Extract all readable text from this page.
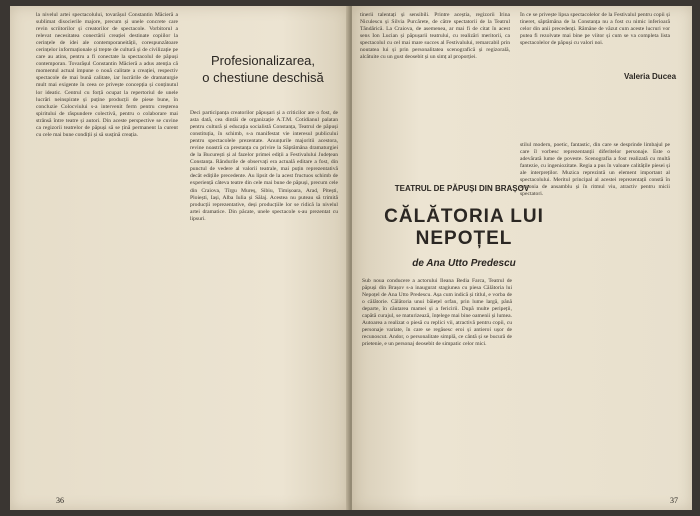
la nivelul artei spectacolului, tovarășul Constantin Măcieră a sublimat disocierile majore, precum și unele concrete care revin scriitorilor și creatorilor de spectacole. Vorbitorul a relevat necesitatea conectării creației destinate copiilor la cerințele de idei ale contemporaneității, corespunzătoare cerințelor informaționale și trepte de cultură și de civilizație pe care au atins, pentru a fi conectate la spectacolul de păpuși contemporan. Tovarășul Constantin Măcieră a adus atenția că momentul actual impune o nouă calitate a creației, respectiv spectacole de mai bună calitate, iar lucrările de dramaturgie mult mai exigente în ceea ce privește concepția și conținutul lor ideatic. Centrul cu forță ocupat la repertoriul de unele lucrări neinspirate și puține producții de piese bune, în concluzie Colocviului s-a intervenit ferm pentru creșterea spiritului de răspundere colectivă, pentru o colaborare mai strânsă între teatre și autori. Din aceste perspective se cuvine ca regizorii teatrelor de păpuși să se țină permanent la curent cu cele mai bune condiții și să susțină creația.
Profesionalizarea,
o chestiune deschisă
Deci participanța creatorilor păpușari și a criticilor are o fost, de asta dată, cea dintâi de organizație A.T.M. Cotidianul palatan pentru cultură și educația socialistă Constanța, Teatrul de păpuși constituția, în schimb, s-a manifestat vie interesul publicului pentru spectacolele prezentate. Anunțurile majoritii acestora, revine noastră ca prestanța cu privire la Săptămâna dramaturgiei de la București și al fazelor primei ediții a Festivalului Județean Constanța. Rândurile de observați era actuală editare a fost, din punctul de vedere al valorii teatrale, mai puțin reprezentativă decât edițiile precedente. Au lipsit de la acest fructuos schimb de experiență câteva teatre din cele mai bune de păpuși, precum cele din Craiova, Tîrgu Mureș, Sibiu, Timișoara, Arad, Pitești, Ploiești, Iași, Alba Iulia și Sălaj. Acestea nu puteau să trimită producții reprezentative, deși producțiile lor se ridică la nivelul artei dramatice. Din păcate, unele spectacole s-au prezentat cu lipsuri.
36
tinerii talentați și sensibili. Printre aceștia, regizorii Irina Niculescu și Silvia Purcărete, de către spectatorii de la Teatrul Tăndărică. La Craiova, de asemenea, ar mai fi de citat în acest sens Ion Lucian și păpușarii teatrului, cu realizări meritorii, ca spectacolul cu cel mai mare succes al Festivalului, remarcabil prin noutatea lui și prin personalitatea scenografică și regizorală, alcătuite cu un gust deosebit și un simț al proporției.
În ce se privește lipsa spectacolelor de la Festivalul pentru copii și tineret, săptămâna de la Constanța nu a fost cu nimic inferioară celor din anii precedenți. Rămâne de văzut cum aceste lucruri vor putea fi rezolvate mai bine pe viitor și cum se va completa lista spectacolelor de păpuși cu valori noi.
Valeria Ducea
TEATRUL DE PĂPUȘI DIN BRAȘOV
CĂLĂTORIA LUI
NEPOȚEL
de Ana Utto Predescu
Sub noua conducere a actorului Ileana Bedia Farca, Teatrul de păpuși din Brașov s-a inaugurat stagiunea cu piesa Călătoria lui Nepoțel de Ana Utto Predescu. Așa cum indică și titlul, e vorba de o călătorie. Călătoria unui băiețel orfan, prin lume largă, până departe, în căutarea mamei și a fericirii. După multe peripeții, capătă curajul, se maturizează, înțelege mai bine oamenii și lumea. Autoarea a realizat o piesă cu replici vii, atractivă pentru copii, cu personaje variate, în care se regăsesc eroi și antieroi ușor de recunoscut. Andor, o personalitate simplă, ce cântă și se bucură de prietenie, e un personaj deosebit de simpatic celor mici.
stilul modern, poetic, fantastic, din care se desprinde limbajul pe care îl vorbesc reprezentanții diferitelor personaje. Este o adevărată lume de poveste. Scenografia a fost realizată cu multă fantezie, cu ingeniozitate. Regia a pus în valoare calitățile piesei și ale interpreților. Muzica reprezintă un element important al spectacolului. Meritul principal al acestei reprezentații constă în armonia de ansamblu și în ritmul viu, atractiv pentru micii spectatori.
37
